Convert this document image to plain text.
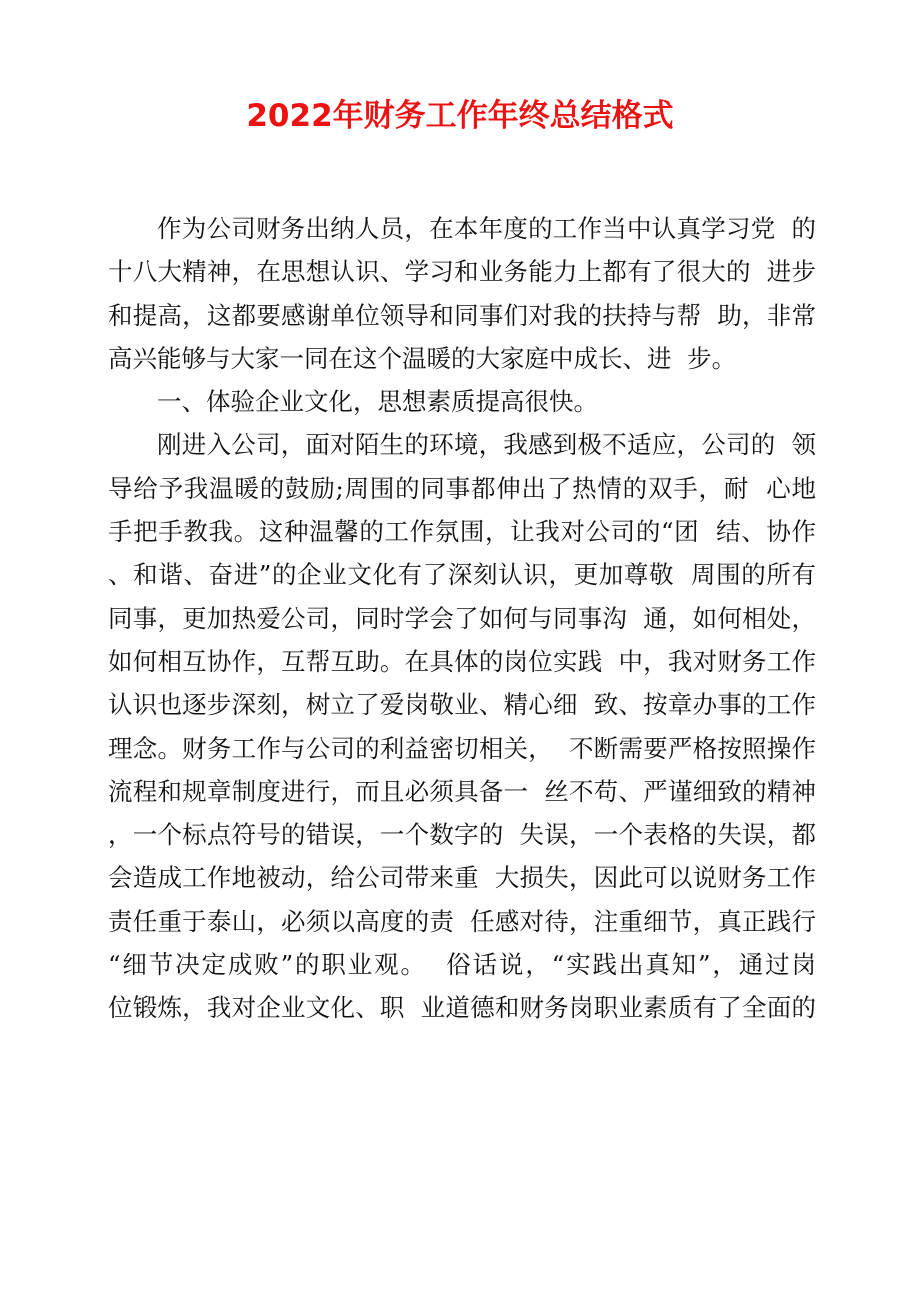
2022年财务工作年终总结格式
作为公司财务出纳人员，在本年度的工作当中认真学习党  的
十八大精神，在思想认识、学习和业务能力上都有了很大的  进步
和提高，这都要感谢单位领导和同事们对我的扶持与帮  助，非常
高兴能够与大家一同在这个温暖的大家庭中成长、进  步。
一、体验企业文化，思想素质提高很快。
刚进入公司，面对陌生的环境，我感到极不适应，公司的  领
导给予我温暖的鼓励;周围的同事都伸出了热情的双手，耐  心地
手把手教我。这种温馨的工作氛围，让我对公司的“团  结、协作
、和谐、奋进”的企业文化有了深刻认识，更加尊敬  周围的所有
同事，更加热爱公司，同时学会了如何与同事沟  通，如何相处，
如何相互协作，互帮互助。在具体的岗位实践  中，我对财务工作
认识也逐步深刻，树立了爱岗敬业、精心细  致、按章办事的工作
理念。财务工作与公司的利益密切相关，  不断需要严格按照操作
流程和规章制度进行，而且必须具备一  丝不苟、严谨细致的精神
，一个标点符号的错误，一个数字的  失误，一个表格的失误，都
会造成工作地被动，给公司带来重  大损失，因此可以说财务工作
责任重于泰山，必须以高度的责  任感对待，注重细节，真正践行
“细节决定成败”的职业观。  俗话说，“实践出真知”，通过岗
位锻炼，我对企业文化、职  业道德和财务岗职业素质有了全面的
